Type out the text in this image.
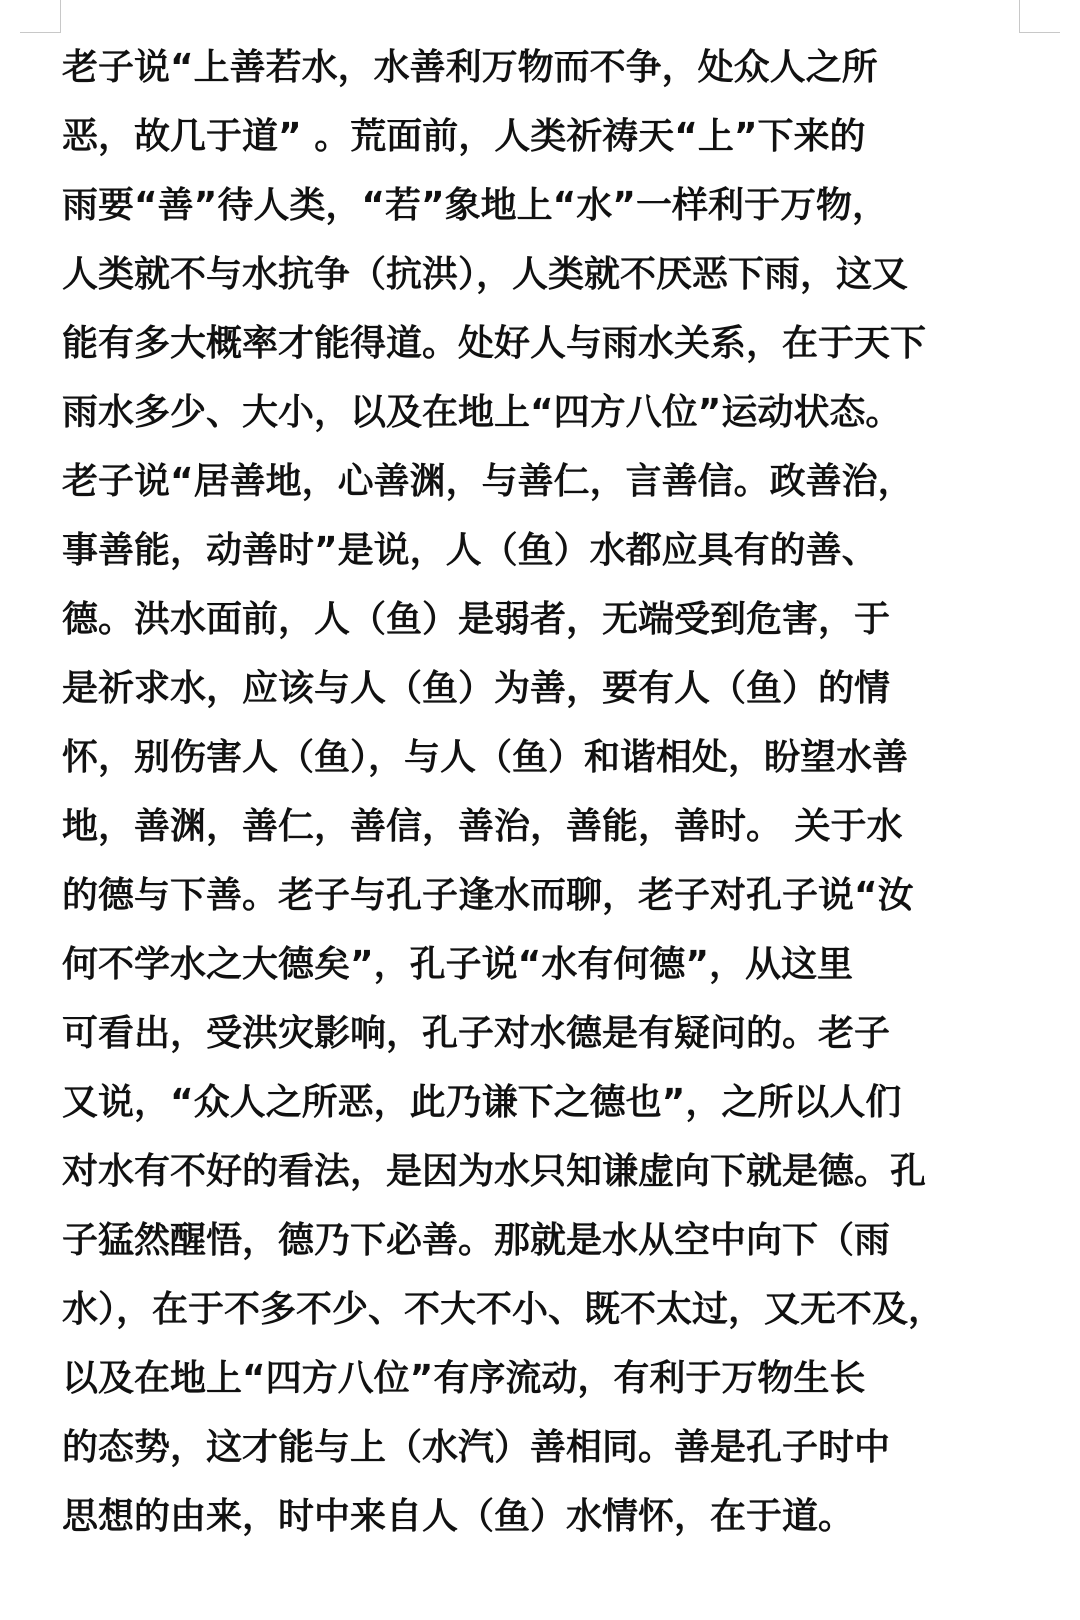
老子说“上善若水，水善利万物而不争，处众人之所
恶，故几于道” 。荒面前，人类祈祷天“上”下来的
雨要“善”待人类，“若”象地上“水”一样利于万物，
人类就不与水抗争（抗洪），人类就不厌恶下雨，这又
能有多大概率才能得道。处好人与雨水关系，在于天下
雨水多少、大小，以及在地上“四方八位”运动状态。
老子说“居善地，心善渊，与善仁，言善信。政善治，
事善能，动善时”是说，人（鱼）水都应具有的善、
德。洪水面前，人（鱼）是弱者，无端受到危害，于
是祈求水，应该与人（鱼）为善，要有人（鱼）的情
怀，别伤害人（鱼），与人（鱼）和谐相处，盼望水善
地，善渊，善仁，善信，善治，善能，善时。 关于水
的德与下善。老子与孔子逢水而聊，老子对孔子说“汝
何不学水之大德矣”，孔子说“水有何德”，从这里
可看出，受洪灾影响，孔子对水德是有疑问的。老子
又说，“众人之所恶，此乃谦下之德也”，之所以人们
对水有不好的看法，是因为水只知谦虚向下就是德。孔
子猛然醒悟，德乃下必善。那就是水从空中向下（雨
水），在于不多不少、不大不小、既不太过，又无不及，
以及在地上“四方八位”有序流动，有利于万物生长
的态势，这才能与上（水汽）善相同。善是孔子时中
思想的由来，时中来自人（鱼）水情怀，在于道。
